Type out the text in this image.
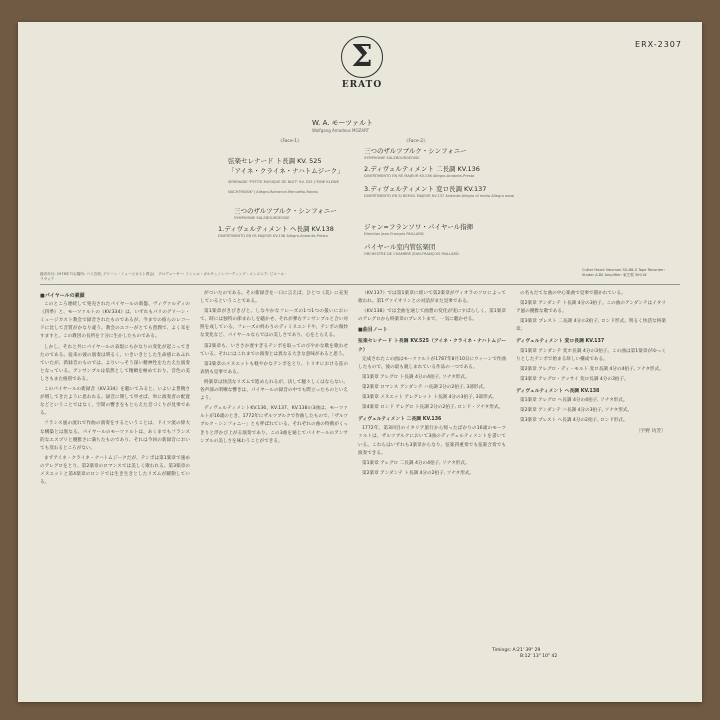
ERX-2307
Σ
ERATO
W. A. モーツァルト
Wolfgang Amadeus MOZART
《Face-1》

弦楽セレナード ト長調 KV. 525
「アイネ・クライネ・ナハトムジーク」

SERENADE "PETITE MUSIQUE DE NUIT" KV. 525 ("EINE KLEINE NACHTMUSIK") Allegro-Romance-Menuetto-Rondo

三つのザルツブルク・シンフォニー
SYMPHONIE SALZBOURGEOISE
1.ディヴェルティメント ヘ長調 KV.138
DIVERTIMENTO EN FA MAJEUR KV.138 Allegro-Andante-Presto
《Face-2》
三つのザルツブルク・シンフォニー
SYMPHONIE SALZBOURGEOISE
2.ディヴェルティメント 二長調 KV.136
DIVERTIMENTO EN RE MAJEUR KV.136 Allegro-Andante-Presto
3.ディヴェルティメント 変ロ長調 KV.137
DIVERTIMENTO EN SI BEMOL MAJEUR KV.137 Andante-Allegro di molto-Allegro assai
ジャン=フランソワ・パイヤール指揮
Direction Jean-François PAILLARD
パイヤール室内管弦楽団
ORCHESTRE DE CHAMBRE JEAN-FRANÇOIS PAILLARD
録音年月: 1976年7月(場所: パリ近郊, グリーン・ミュージカスト教会)　プロデューサー: ミシェル・ガルサン / レコーディング・エンジニア: ピエール・ラヴォア
Cutter Head: Neuman SG-68-S Tape Recorder: Studer A-80 Amplifier: 東芝製 300-W
■パイヤールの素顔

このところ連続して発売されたパイヤールの新盤、ヴィヴァルディの《四季》と、モーツァルトの《KV.334》は、いずれもパリのグリーン・ミュージカスト教会で録音されたものであるが、今までの彼らのレコードに比して音質がかなり違う。教会のエコーがとても豊潤で、よく耳をすますと、この教団の長所を十分に生かしたものである。

しかし、それと共にパイヤールの表現にもかなりの変化が起こってきたのである。従来の彼の演奏は明るく、いきいきとした生命感にあふれていたが、新録音のものでは、よりいっそう深い精神性をたたえた演奏となっている。アンサンブルは依然として精緻を極めており、音色の美しさもまた格別である。

このパイヤールの新録音《KV.334》を聴いてみると、いよいよ豊饒さが増してきたように思われる。録音に関して申せば、単に演奏者の配置などということではなく、空間の響きをもとらえた音づくりが見事である。

フランス風の流れで作曲の演奏をするということは、ドイツ流の偉大な構築とは異なる。パイヤールのモーツァルトは、あくまでもフランス的なエスプリと優雅さに満ちたものであり、それは今回の新録音においても変わるところがない。

まずアイネ・クライネ・ナハトムジークだが、テンポは第1楽章で速めのアレグロをとり、第2楽章のロマンスでは美しく歌われる。第3楽章のメヌエットと第4楽章のロンドでは生き生きとしたリズムが躍動している。

がついたのである。その新録音を一口に言えば、ひとつ《美》に充実しているということである。

第1楽章がきびきびと、しなやかなフレーズの1つ1つの扱いにおいて、時には独特の節まわしを聴かせ、それが弾むアンサンブルと合い対照を成している。フレーズの終わりのディミヌエンドや、テンポの微妙な変化など、パイヤールならではの美しさであり、心をとらえる。

第2楽章も、いささか遅すぎるテンポを取ってのびやかな歌を歌わせている。それにはこれまでの演奏とは異なる大きな意味があると思う。

第3楽章のメヌエットも軽やかなテンポをとり、トリオにおける弦の表情も見事である。

終楽章は快活なリズムで進められるが、決して騒々しくはならない。各声部の明晰な響きは、パイヤールの録音の中でも際立ったものといえよう。

ディヴェルティメントKV.136、KV.137、KV.138の3曲は、モーツァルトが16歳のとき、1772年にザルツブルクで作曲したもので、「ザルツブルク・シンフォニー」とも呼ばれている。それぞれの曲の特徴がくっきりと浮かび上がる演奏であり、この3曲を通じてパイヤールのアンサンブルの美しさを味わうことができる。

（KV.137）では第1楽章に続いて第2楽章がヴィオラのソロによって歌われ、第1ヴァイオリンとの対話がまた見事である。

《KV.138》では全曲を通じて曲想の変化が実にすばらしく、第1楽章のアレグロから終楽章のプレストまで、一気に聴かせる。

■曲目ノート
弦楽セレナード ト長調 KV.525（アイネ・クライネ・ナハトムジーク）

完成されたこの曲はモーツァルトが1787年8月10日にウィーンで作曲したもので、彼の最も親しまれている作品の一つである。

第1楽章 アレグロ ト長調 4分の4拍子, ソナタ形式。

第2楽章 ロマンス アンダンテ ハ長調 2分の2拍子, 3部形式。

第3楽章 メヌエット アレグレット ト長調 4分の3拍子, 3部形式。

第4楽章 ロンド アレグロ ト長調 2分の2拍子, ロンド・ソナタ形式。

ディヴェルティメント 二長調 KV.136

1772年、第3回目のイタリア旅行から帰ったばかりの16歳のモーツァルトは、ザルツブルクにおいて3曲のディヴェルティメントを書いている。これらはいずれも3楽章からなり、弦楽四重奏でも弦楽合奏でも演奏できる。

第1楽章 アレグロ 二長調 4分の4拍子, ソナタ形式。

第2楽章 アンダンテ ト長調 4分の2拍子, ソナタ形式。

の名もだてな曲の中心楽曲で見事で描かれている。

第2楽章 アンダンテ ト長調 4分の3拍子。この曲のアンダンテはイタリア風の優雅な歌である。

第3楽章 プレスト 二長調 4分の2拍子, ロンド形式。明るく快活な終楽章。

ディヴェルティメント 変ロ長調 KV.137

第1楽章 アンダンテ 変ホ長調 4分の3拍子。この曲は第1楽章がゆっくりとしたテンポで始まる珍しい構成である。

第2楽章 アレグロ・ディ・モルト 変ロ長調 4分の4拍子, ソナタ形式。

第3楽章 アレグロ・アッサイ 変ロ長調 4分の3拍子。

ディヴェルティメント ヘ長調 KV.138

第1楽章 アレグロ ヘ長調 4分の4拍子, ソナタ形式。

第2楽章 アンダンテ ハ長調 4分の3拍子, ソナタ形式。

第3楽章 プレスト ヘ長調 4分の2拍子, ロンド形式。

〔宇野 功芳〕
Timings: A:21' 39" 29
B:12' 13" 10" 42
